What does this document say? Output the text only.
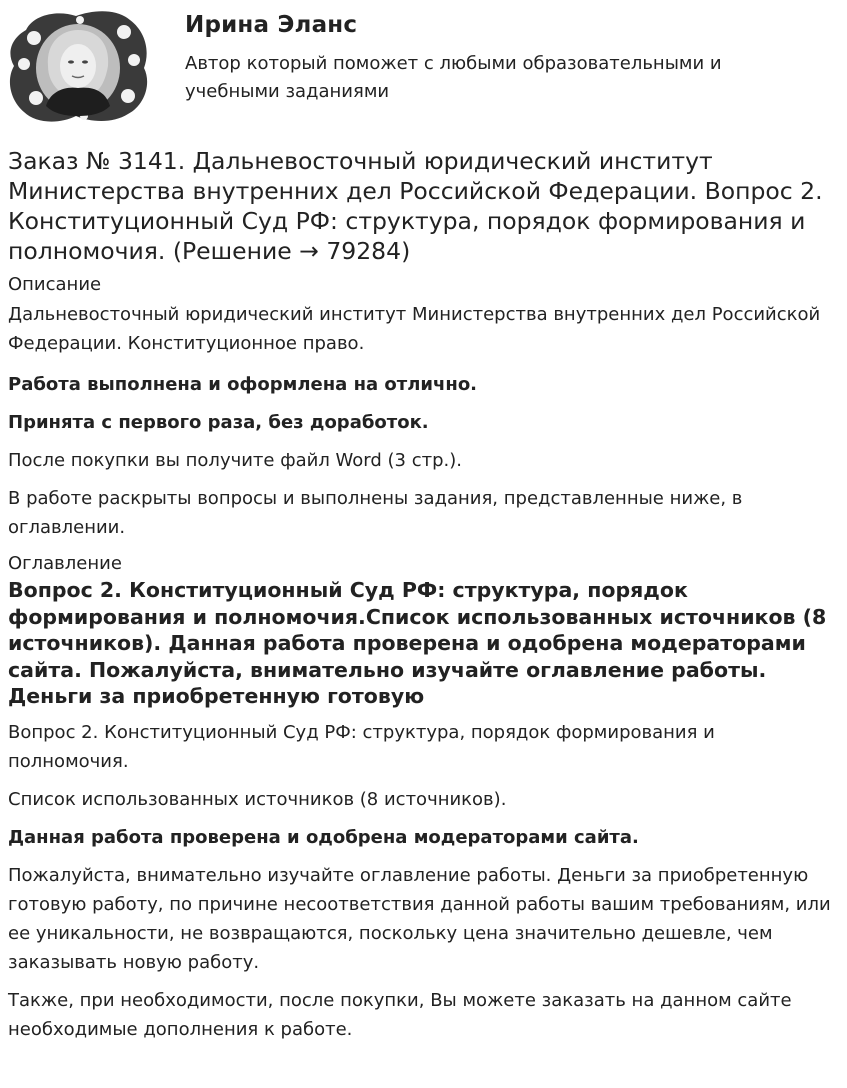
Ирина Эланс
Автор который поможет с любыми образовательными и учебными заданиями
Заказ № 3141. Дальневосточный юридический институт Министерства внутренних дел Российской Федерации. Вопрос 2. Конституционный Суд РФ: структура, порядок формирования и полномочия. (Решение → 79284)

Описание

Дальневосточный юридический институт Министерства внутренних дел Российской Федерации. Конституционное право.

Работа выполнена и оформлена на отлично.

Принята с первого раза, без доработок.

После покупки вы получите файл Word (3 стр.).

В работе раскрыты вопросы и выполнены задания, представленные ниже, в оглавлении.

Оглавление

Вопрос 2. Конституционный Суд РФ: структура, порядок формирования и полномочия.Список использованных источников (8 источников). Данная работа проверена и одобрена модераторами сайта. Пожалуйста, внимательно изучайте оглавление работы. Деньги за приобретенную готовую

Вопрос 2. Конституционный Суд РФ: структура, порядок формирования и полномочия.

Список использованных источников (8 источников).

Данная работа проверена и одобрена модераторами сайта.

Пожалуйста, внимательно изучайте оглавление работы. Деньги за приобретенную готовую работу, по причине несоответствия данной работы вашим требованиям, или ее уникальности, не возвращаются, поскольку цена значительно дешевле, чем заказывать новую работу.

Также, при необходимости, после покупки, Вы можете заказать на данном сайте необходимые дополнения к работе.
